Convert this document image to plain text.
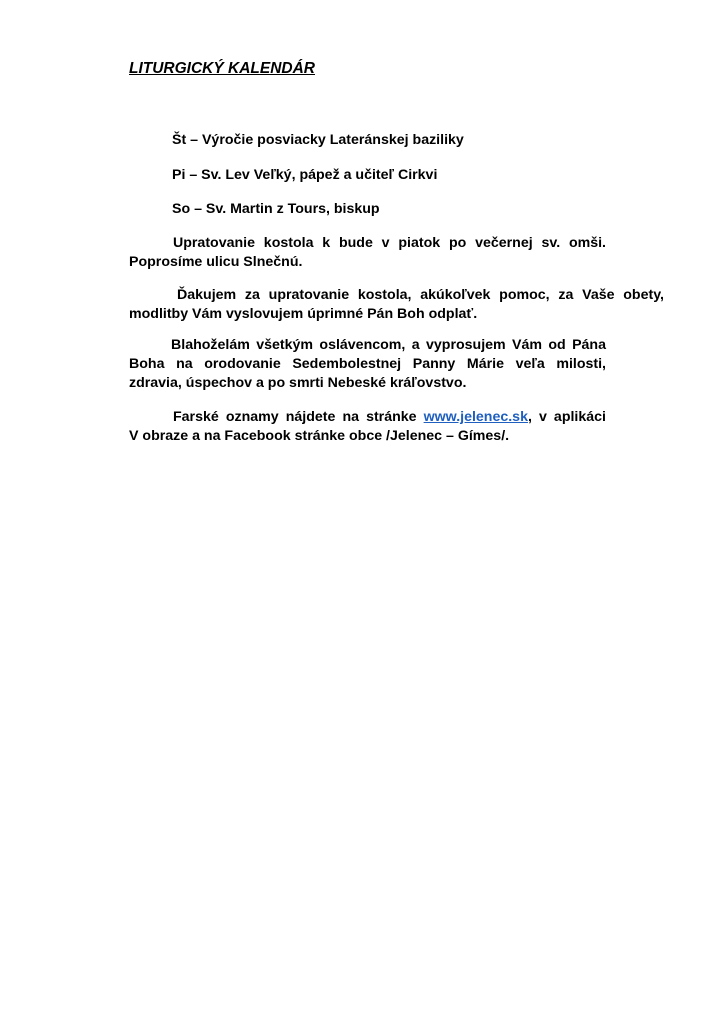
LITURGICKÝ KALENDÁR

Št – Výročie posviacky Lateránskej baziliky

Pi – Sv. Lev Veľký, pápež a učiteľ Cirkvi

So – Sv. Martin z Tours, biskup

Upratovanie kostola k bude v piatok po večernej sv. omši.
Poprosíme ulicu Slnečnú.
Ďakujem za upratovanie kostola, akúkoľvek pomoc, za Vaše obety,
modlitby Vám vyslovujem úprimné Pán Boh odplať.
Blahoželám všetkým oslávencom, a vyprosujem Vám od Pána
Boha na orodovanie Sedembolestnej Panny Márie veľa milosti,
zdravia, úspechov a po smrti Nebeské kráľovstvo.
Farské oznamy nájdete na stránke www.jelenec.sk, v aplikáci
V obraze a na Facebook stránke obce /Jelenec – Gímes/.
